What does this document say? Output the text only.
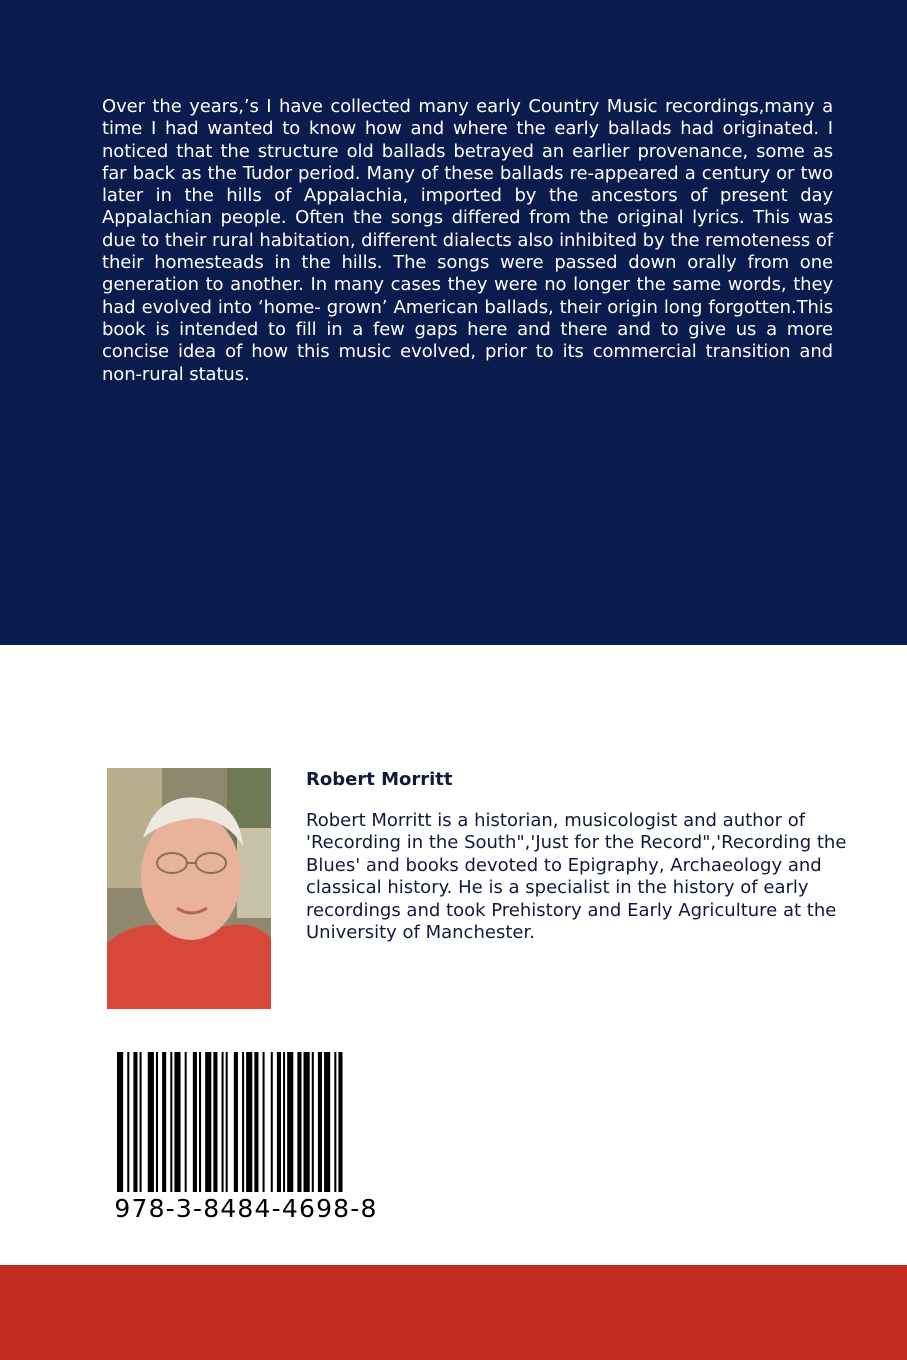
Over the years,’s I have collected many early Country Music recordings,many a time I had wanted to know how and where the early ballads had originated. I noticed that the structure old ballads betrayed an earlier provenance, some as far back as the Tudor period. Many of these ballads re-appeared a century or two later in the hills of Appalachia, imported by the ancestors of present day Appalachian people. Often the songs differed from the original lyrics. This was due to their rural habitation, different dialects also inhibited by the remoteness of their homesteads in the hills. The songs were passed down orally from one generation to another. In many cases they were no longer the same words, they had evolved into ‘home- grown’ American ballads, their origin long forgotten.This book is intended to fill in a few gaps here and there and to give us a more concise idea of how this music evolved, prior to its commercial transition and non-rural status.

Robert Morritt

Robert Morritt is a historian, musicologist and author of 'Recording in the South",'Just for the Record",'Recording the Blues' and books devoted to Epigraphy, Archaeology and classical history. He is a specialist in the history of early recordings and took Prehistory and Early Agriculture at the University of Manchester.

978-3-8484-4698-8
